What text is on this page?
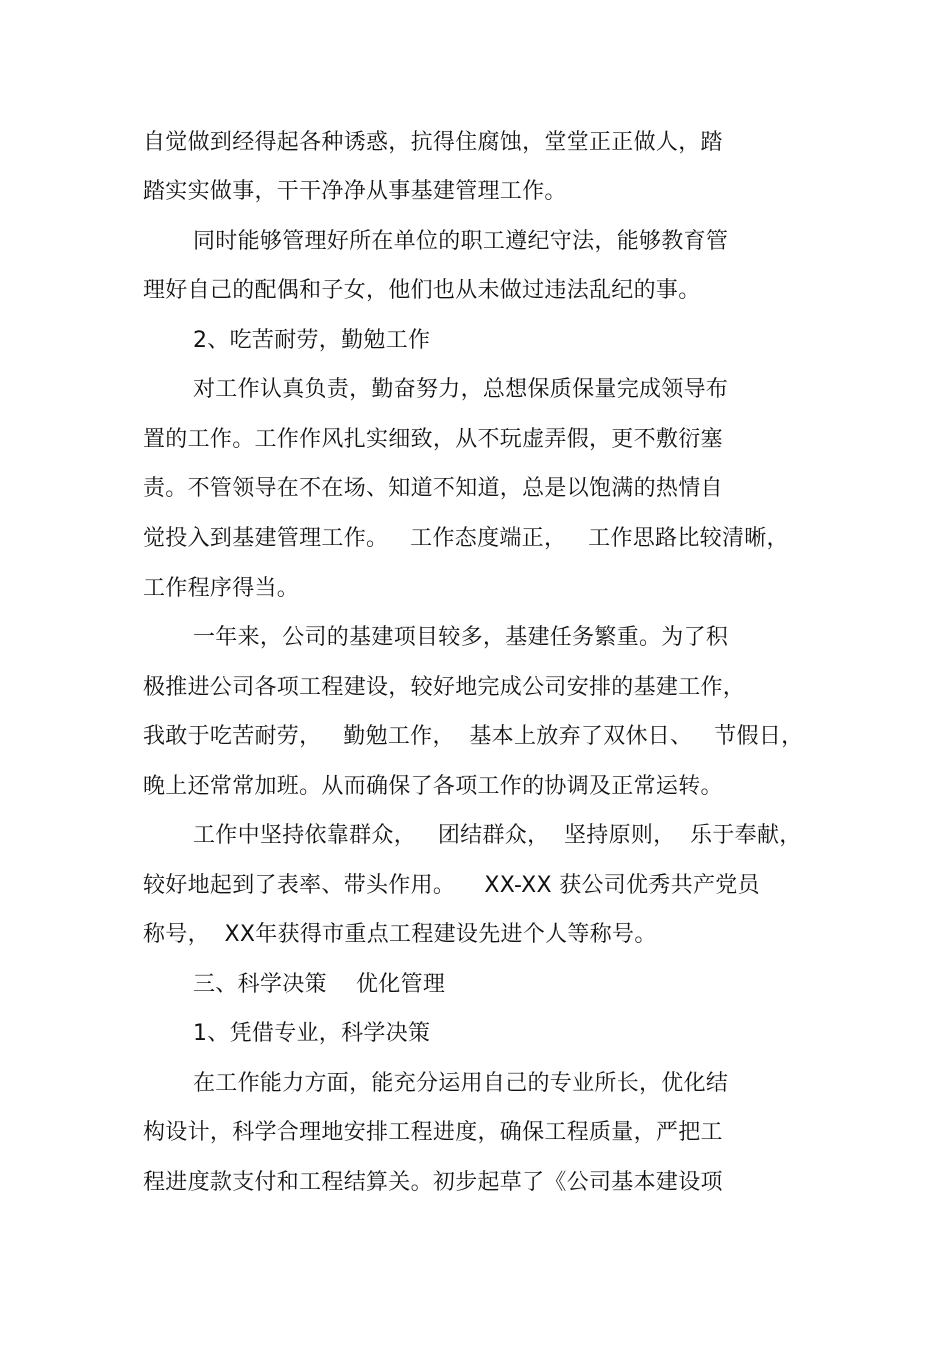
自觉做到经得起各种诱惑，抗得住腐蚀，堂堂正正做人，踏
踏实实做事，干干净净从事基建管理工作。
同时能够管理好所在单位的职工遵纪守法，能够教育管
理好自己的配偶和子女，他们也从未做过违法乱纪的事。
2、吃苦耐劳，勤勉工作
对工作认真负责，勤奋努力，总想保质保量完成领导布
置的工作。工作作风扎实细致，从不玩虚弄假，更不敷衍塞
责。不管领导在不在场、知道不知道，总是以饱满的热情自
觉投入到基建管理工作。   工作态度端正，   工作思路比较清晰，
工作程序得当。
一年来，公司的基建项目较多，基建任务繁重。为了积
极推进公司各项工程建设，较好地完成公司安排的基建工作，
我敢于吃苦耐劳，   勤勉工作，  基本上放弃了双休日、   节假日，
晚上还常常加班。从而确保了各项工作的协调及正常运转。
工作中坚持依靠群众，   团结群众，  坚持原则，  乐于奉献，
较好地起到了表率、带头作用。    XX-XX 获公司优秀共产党员
称号，  XX年获得市重点工程建设先进个人等称号。
三、科学决策    优化管理
1、凭借专业，科学决策
在工作能力方面，能充分运用自己的专业所长，优化结
构设计，科学合理地安排工程进度，确保工程质量，严把工
程进度款支付和工程结算关。初步起草了《公司基本建设项
